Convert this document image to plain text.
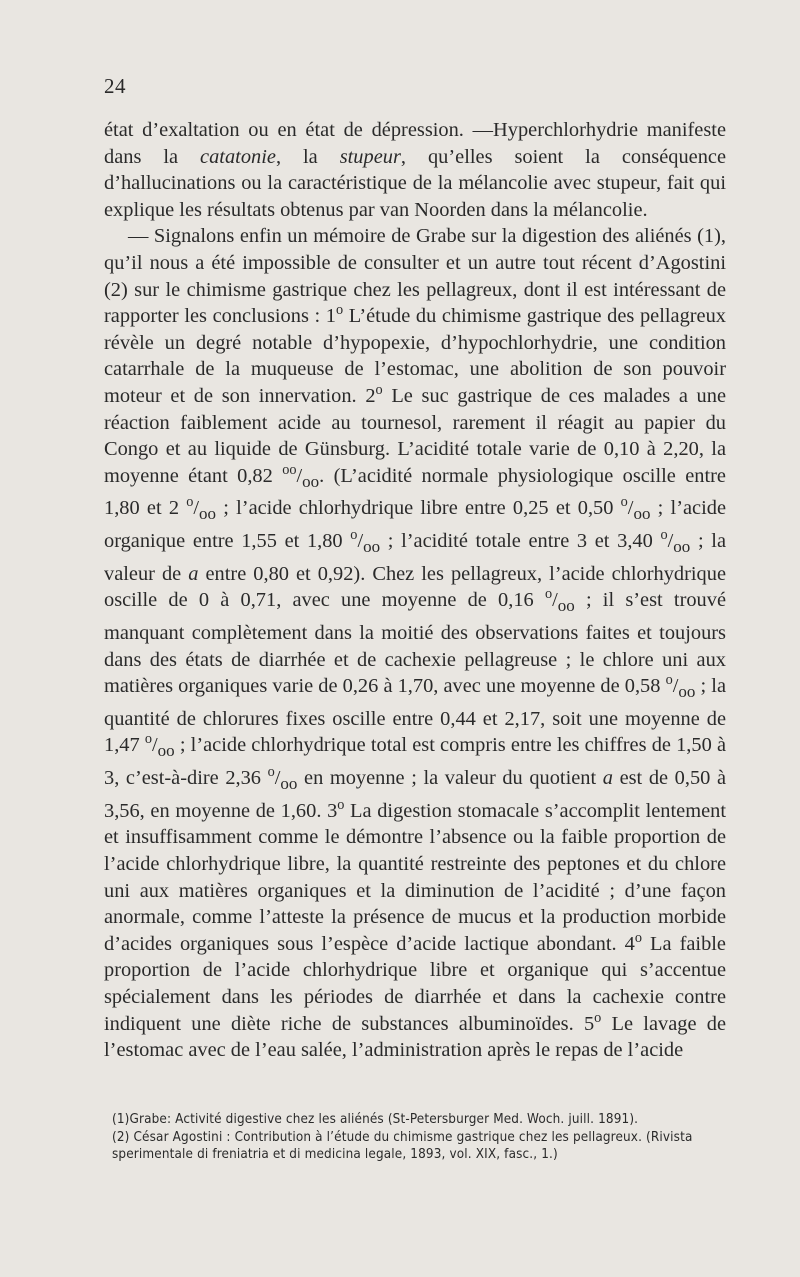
24

état d’exaltation ou en état de dépression. —Hyperchlorhydrie manifeste dans la catatonie, la stupeur, qu’elles soient la conséquence d’hallucinations ou la caractéristique de la mélancolie avec stupeur, fait qui explique les résultats obtenus par van Noorden dans la mélancolie.

— Signalons enfin un mémoire de Grabe sur la digestion des aliénés (1), qu’il nous a été impossible de consulter et un autre tout récent d’Agostini (2) sur le chimisme gastrique chez les pellagreux, dont il est intéressant de rapporter les conclusions : 1$^o$ L’étude du chimisme gastrique des pellagreux révèle un degré notable d’hypopexie, d’hypochlorhydrie, une condition catarrhale de la muqueuse de l’estomac, une abolition de son pouvoir moteur et de son innervation. 2$^o$ Le suc gastrique de ces malades a une réaction faiblement acide au tournesol, rarement il réagit au papier du Congo et au liquide de Günsburg. L’acidité totale varie de 0,10 à 2,20, la moyenne étant 0,82 $^{oo}/_{oo}$. (L’acidité normale physiologique oscille entre 1,80 et 2 $^o/_{oo}$ ; l’acide chlorhydrique libre entre 0,25 et 0,50 $^o/_{oo}$ ; l’acide organique entre 1,55 et 1,80 $^o/_{oo}$ ; l’acidité totale entre 3 et 3,40 $^o/_{oo}$ ; la valeur de a entre 0,80 et 0,92). Chez les pellagreux, l’acide chlorhydrique oscille de 0 à 0,71, avec une moyenne de 0,16 $^o/_{oo}$ ; il s’est trouvé manquant complètement dans la moitié des observations faites et toujours dans des états de diarrhée et de cachexie pellagreuse ; le chlore uni aux matières organiques varie de 0,26 à 1,70, avec une moyenne de 0,58 $^o/_{oo}$ ; la quantité de chlorures fixes oscille entre 0,44 et 2,17, soit une moyenne de 1,47 $^o/_{oo}$ ; l’acide chlorhydrique total est compris entre les chiffres de 1,50 à 3, c’est-à-dire 2,36 $^o/_{oo}$ en moyenne ; la valeur du quotient a est de 0,50 à 3,56, en moyenne de 1,60. 3$^o$ La digestion stomacale s’accomplit lentement et insuffisamment comme le démontre l’absence ou la faible proportion de l’acide chlorhydrique libre, la quantité restreinte des peptones et du chlore uni aux matières organiques et la diminution de l’acidité ; d’une façon anormale, comme l’atteste la présence de mucus et la production morbide d’acides organiques sous l’espèce d’acide lactique abondant. 4$^o$ La faible proportion de l’acide chlorhydrique libre et organique qui s’accentue spécialement dans les périodes de diarrhée et dans la cachexie contre indiquent une diète riche de substances albuminoïdes. 5$^o$ Le lavage de l’estomac avec de l’eau salée, l’administration après le repas de l’acide

(1)Grabe: Activité digestive chez les aliénés (St-Petersburger Med. Woch. juill. 1891).

(2) César Agostini : Contribution à l’étude du chimisme gastrique chez les pellagreux. (Rivista sperimentale di freniatria et di medicina legale, 1893, vol. XIX, fasc., 1.)
